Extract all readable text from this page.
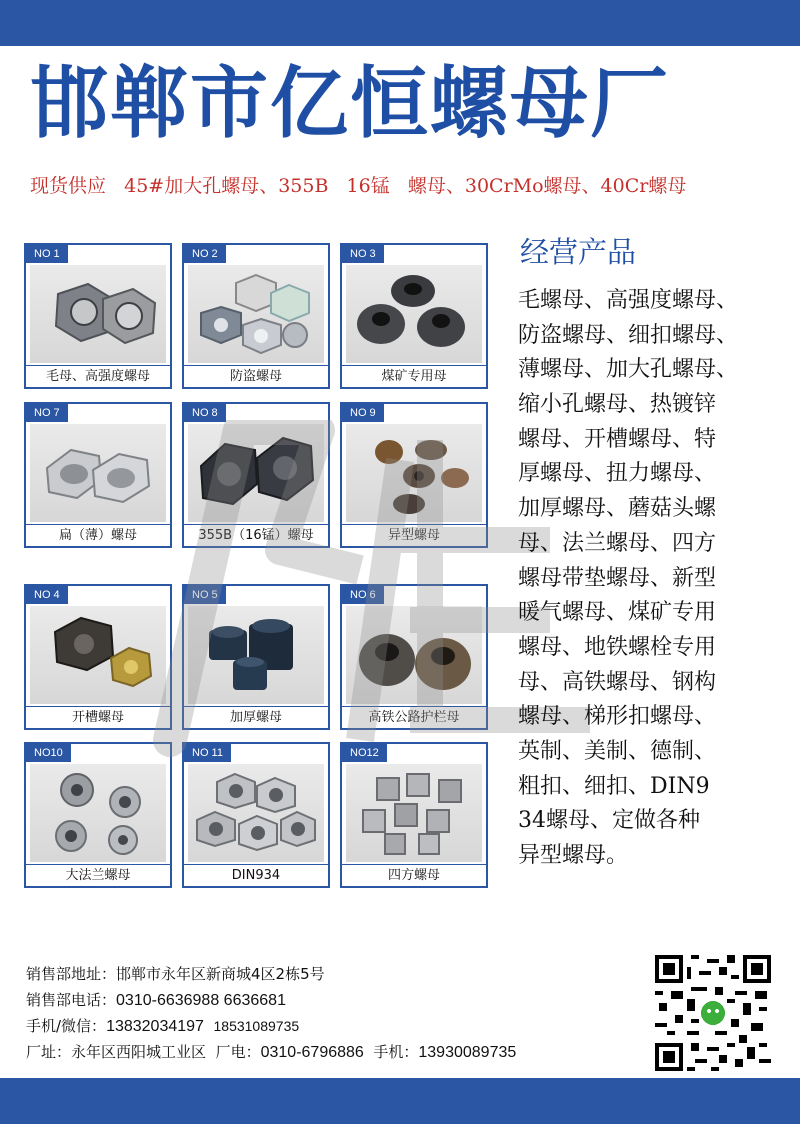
邯郸市亿恒螺母厂
现货供应   45#加大孔螺母、355B   16锰   螺母、30CrMo螺母、40Cr螺母
NO 1
毛母、高强度螺母
NO 2
防盗螺母
NO 3
煤矿专用母
NO 7
扁（薄）螺母
NO 8
355B（16锰）螺母
NO 9
异型螺母
NO 4
开槽螺母
NO 5
加厚螺母
NO 6
高铁公路护栏母
NO10
大法兰螺母
NO 11
DIN934
NO12
四方螺母
经营产品
毛螺母、高强度螺母、
防盗螺母、细扣螺母、
薄螺母、加大孔螺母、
缩小孔螺母、热镀锌
螺母、开槽螺母、特
厚螺母、扭力螺母、
加厚螺母、蘑菇头螺
母、法兰螺母、四方
螺母带垫螺母、新型
暖气螺母、煤矿专用
螺母、地铁螺栓专用
母、高铁螺母、钢构
螺母、梯形扣螺母、
英制、美制、德制、
粗扣、细扣、DIN9
34螺母、定做各种
异型螺母。
销售部地址：邯郸市永年区新商城4区2栋5号
销售部电话：0310-6636988 6636681
手机/微信：13832034197 18531089735
厂址：永年区西阳城工业区 厂电：0310-6796886 手机：13930089735
